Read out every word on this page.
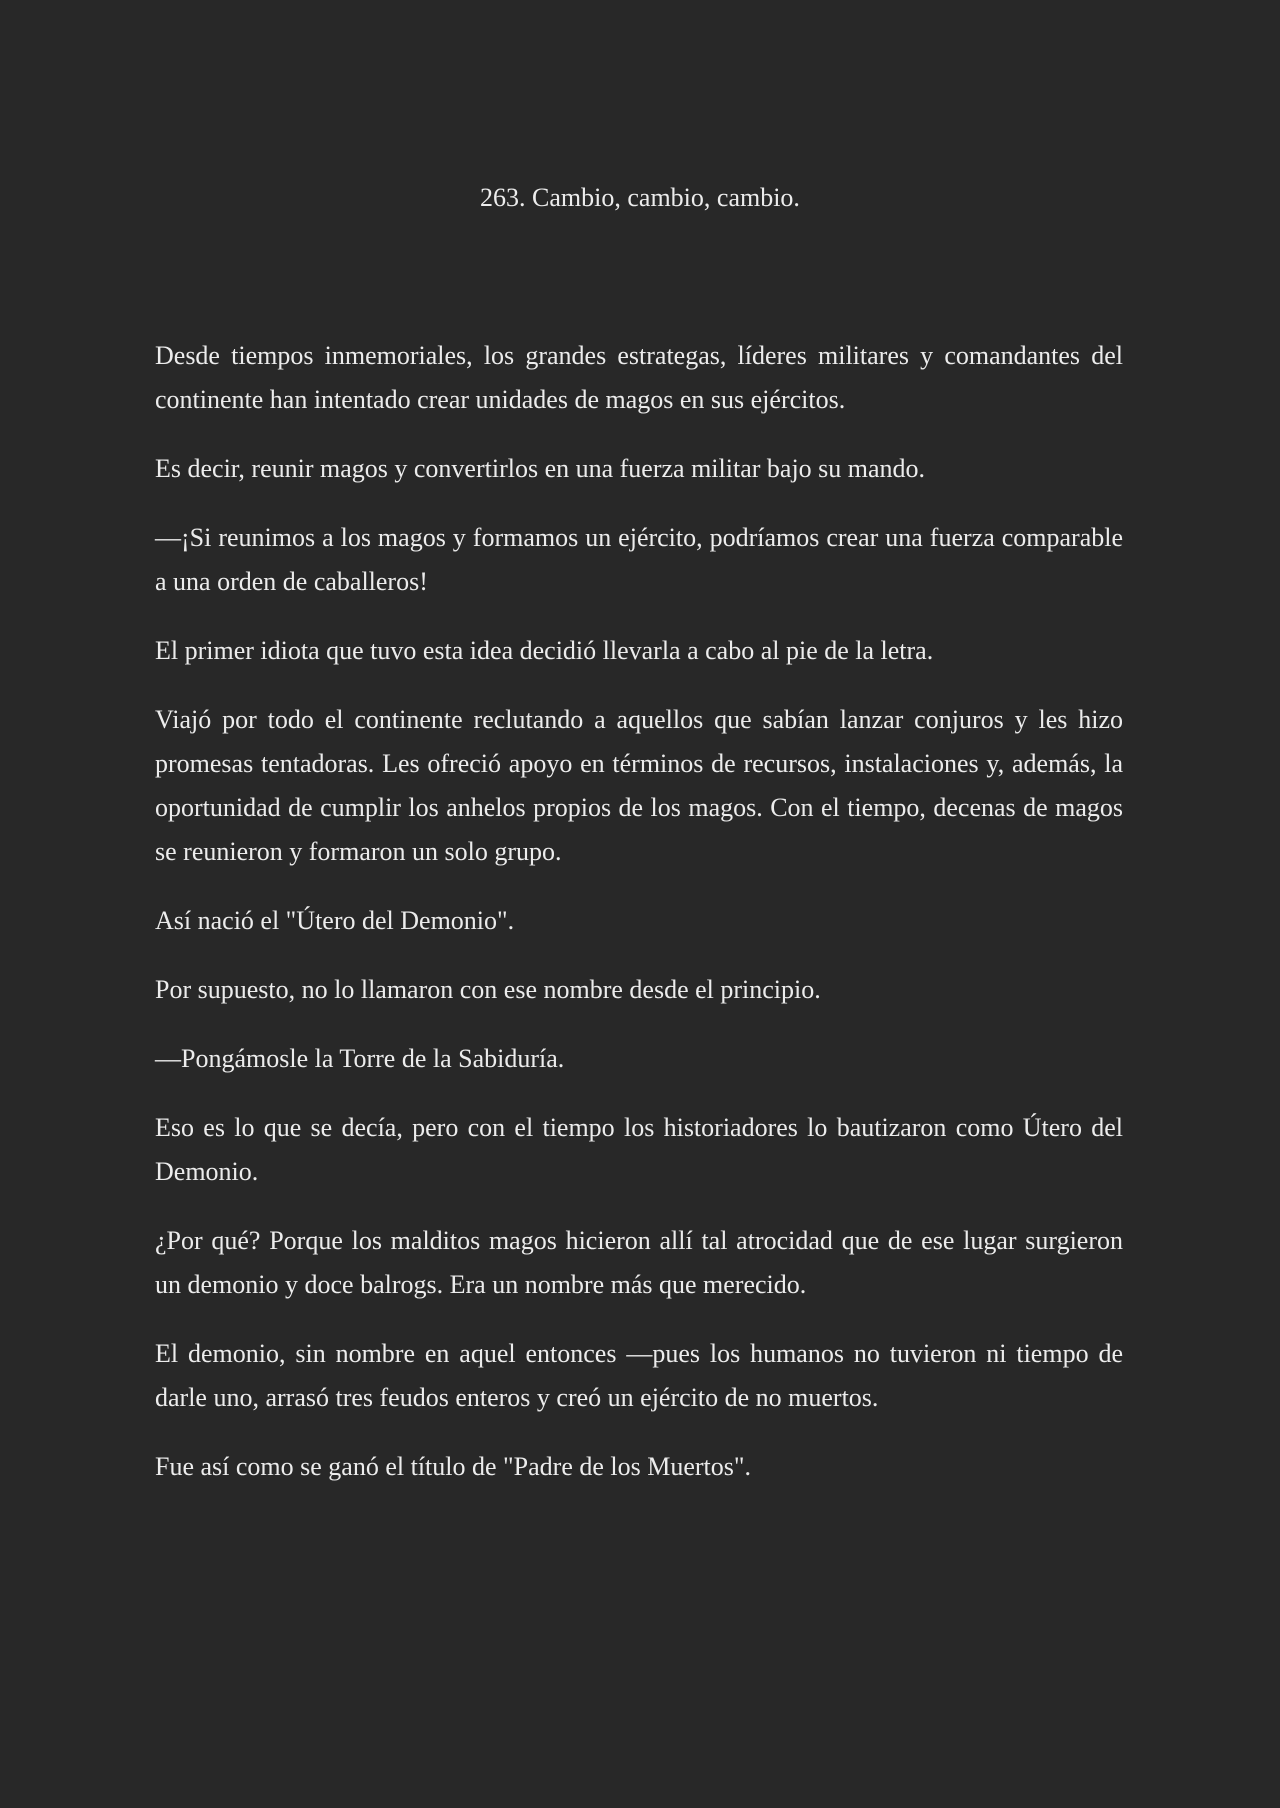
263. Cambio, cambio, cambio.

Desde tiempos inmemoriales, los grandes estrategas, líderes militares y comandantes del continente han intentado crear unidades de magos en sus ejércitos.

Es decir, reunir magos y convertirlos en una fuerza militar bajo su mando.

—¡Si reunimos a los magos y formamos un ejército, podríamos crear una fuerza comparable a una orden de caballeros!

El primer idiota que tuvo esta idea decidió llevarla a cabo al pie de la letra.

Viajó por todo el continente reclutando a aquellos que sabían lanzar conjuros y les hizo promesas tentadoras. Les ofreció apoyo en términos de recursos, instalaciones y, además, la oportunidad de cumplir los anhelos propios de los magos. Con el tiempo, decenas de magos se reunieron y formaron un solo grupo.

Así nació el "Útero del Demonio".

Por supuesto, no lo llamaron con ese nombre desde el principio.

—Pongámosle la Torre de la Sabiduría.

Eso es lo que se decía, pero con el tiempo los historiadores lo bautizaron como Útero del Demonio.

¿Por qué? Porque los malditos magos hicieron allí tal atrocidad que de ese lugar surgieron un demonio y doce balrogs. Era un nombre más que merecido.

El demonio, sin nombre en aquel entonces —pues los humanos no tuvieron ni tiempo de darle uno, arrasó tres feudos enteros y creó un ejército de no muertos.

Fue así como se ganó el título de "Padre de los Muertos".
